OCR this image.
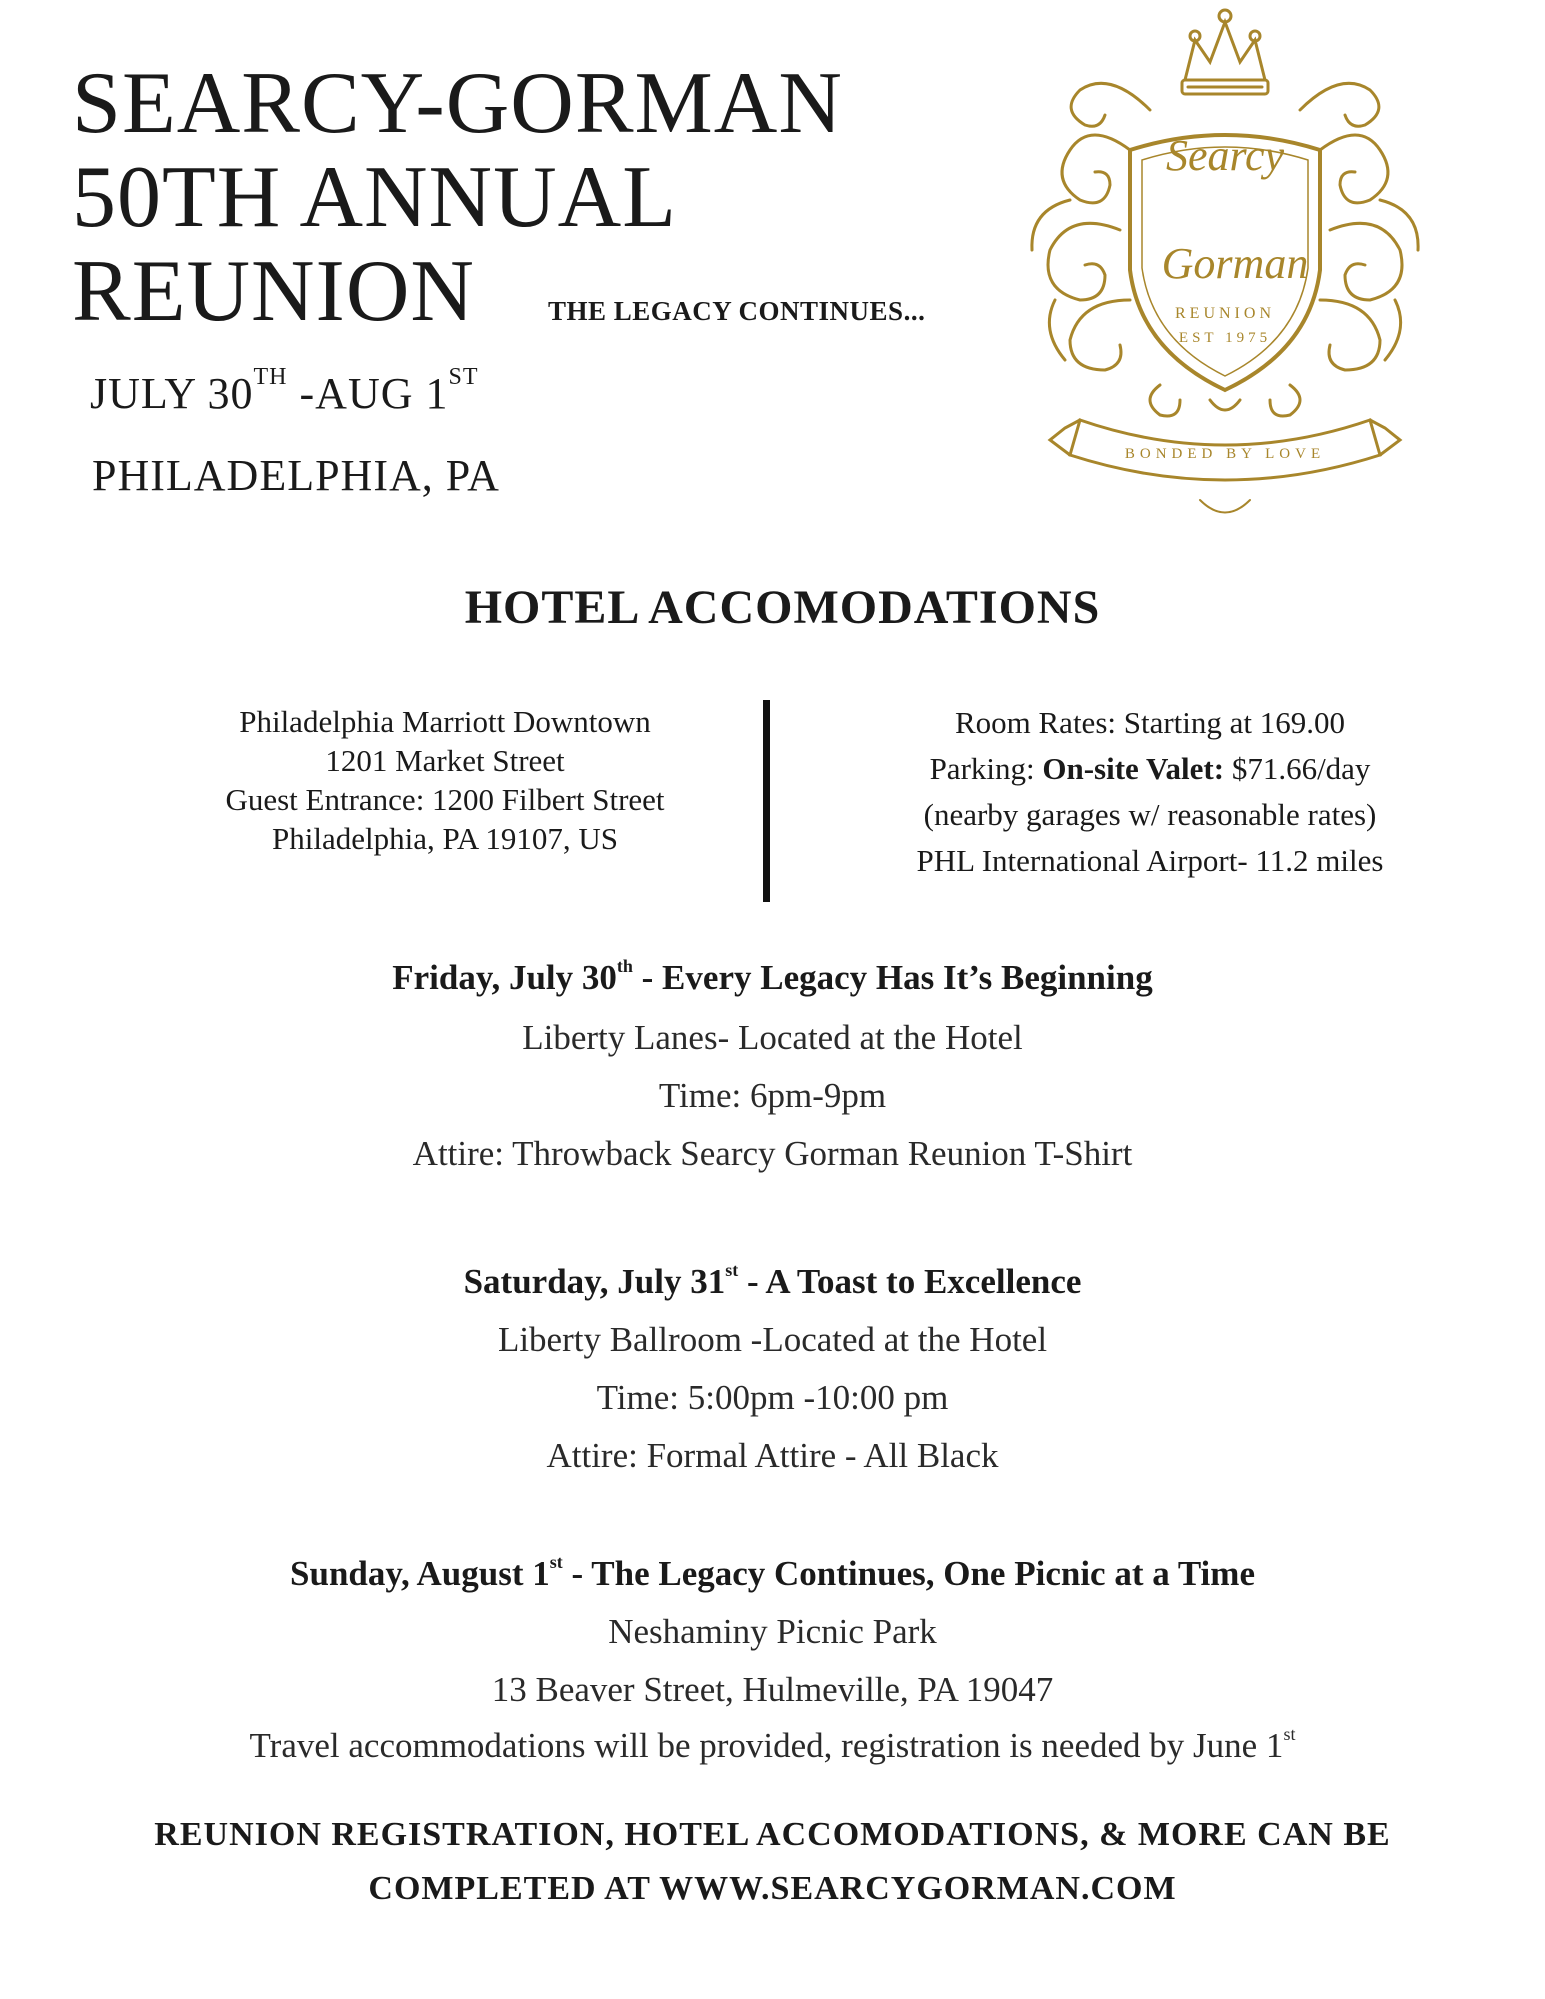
SEARCY-GORMAN
50TH ANNUAL
REUNION	THE LEGACY CONTINUES...
JULY 30TH -AUG 1ST
PHILADELPHIA, PA
Searcy
Gorman
REUNION
EST 1975
BONDED BY LOVE
HOTEL ACCOMODATIONS
Philadelphia Marriott Downtown
1201 Market Street
Guest Entrance: 1200 Filbert Street
Philadelphia, PA 19107, US
Room Rates: Starting at 169.00
Parking: On-site Valet: $71.66/day
(nearby garages w/ reasonable rates)
PHL International Airport- 11.2 miles
Friday, July 30th - Every Legacy Has It’s Beginning
Liberty Lanes- Located at the Hotel
Time: 6pm-9pm
Attire: Throwback Searcy Gorman Reunion T-Shirt
Saturday, July 31st - A Toast to Excellence
Liberty Ballroom -Located at the Hotel
Time: 5:00pm -10:00 pm
Attire: Formal Attire - All Black
Sunday, August 1st - The Legacy Continues, One Picnic at a Time
Neshaminy Picnic Park
13 Beaver Street, Hulmeville, PA 19047
Travel accommodations will be provided, registration is needed by June 1st
REUNION REGISTRATION, HOTEL ACCOMODATIONS, & MORE CAN BE
COMPLETED AT WWW.SEARCYGORMAN.COM
